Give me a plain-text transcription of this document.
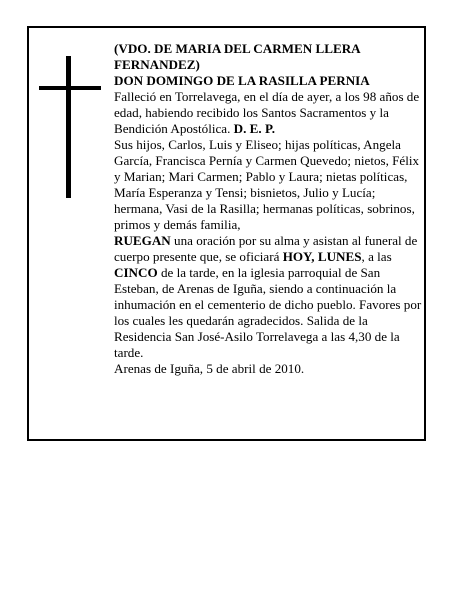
(VDO. DE MARIA DEL CARMEN LLERA FERNANDEZ)

DON DOMINGO DE LA RASILLA PERNIA

Falleció en Torrelavega, en el día de ayer, a los 98 años de edad, habiendo recibido los Santos Sacramentos y la Bendición Apostólica. D. E. P.

Sus hijos, Carlos, Luis y Eliseo; hijas políticas, Angela García, Francisca Pernía y Carmen Quevedo; nietos, Félix y Marian; Mari Carmen; Pablo y Laura; nietas políticas, María Esperanza y Tensi; bisnietos, Julio y Lucía; hermana, Vasi de la Rasilla; hermanas políticas, sobrinos, primos y demás familia,

RUEGAN una oración por su alma y asistan al funeral de cuerpo presente que, se oficiará HOY, LUNES, a las CINCO de la tarde, en la iglesia parroquial de San Esteban, de Arenas de Iguña, siendo a continuación la inhumación en el cementerio de dicho pueblo. Favores por los cuales les quedarán agradecidos. Salida de la Residencia San José-Asilo Torrelavega a las 4,30 de la tarde.

Arenas de Iguña, 5 de abril de 2010.
